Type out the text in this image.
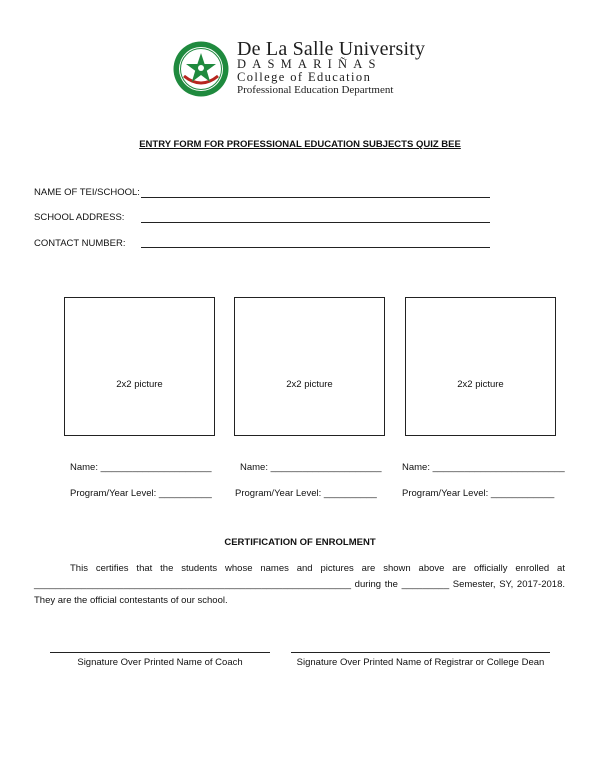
De La Salle University
DASMARIÑAS
College of Education
Professional Education Department
ENTRY FORM FOR PROFESSIONAL EDUCATION SUBJECTS QUIZ BEE
NAME OF TEI/SCHOOL:
SCHOOL ADDRESS:
CONTACT NUMBER:
2x2 picture	2x2 picture	2x2 picture
Name: _____________________	Name: _____________________ Name: _________________________
Program/Year Level: __________ Program/Year Level: __________	Program/Year Level: ____________
CERTIFICATION OF ENROLMENT
This certifies that the students whose names and pictures are shown above are officially enrolled at ____________________________________________________________ during the _________ Semester, SY, 2017-2018. They are the official contestants of our school.
Signature Over Printed Name of Coach	Signature Over Printed Name of Registrar or College Dean
